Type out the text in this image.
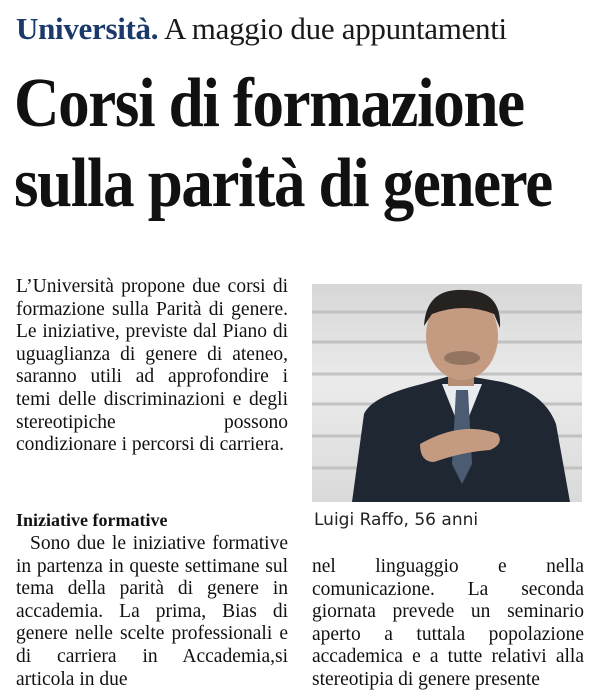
Università. A maggio due appuntamenti
Corsi di formazione
sulla parità di genere

L’Università propone due corsi di formazione sulla Parità di genere. Le iniziative, previste dal Piano di uguaglianza di genere di ateneo, saranno utili ad approfondire i temi delle discriminazioni e degli stereotipiche possono condizionare i percorsi di carriera.

Luigi Raffo, 56 anni
Iniziative formative

Sono due le iniziative formative in partenza in queste settimane sul tema della parità di genere in accademia. La prima, Bias di genere nelle scelte professionali e di carriera in Accademia,si articola in due

nel linguaggio e nella comunicazione. La seconda giornata prevede un seminario aperto a tuttala popolazione accademica e a tutte relativi alla stereotipia di genere presente
